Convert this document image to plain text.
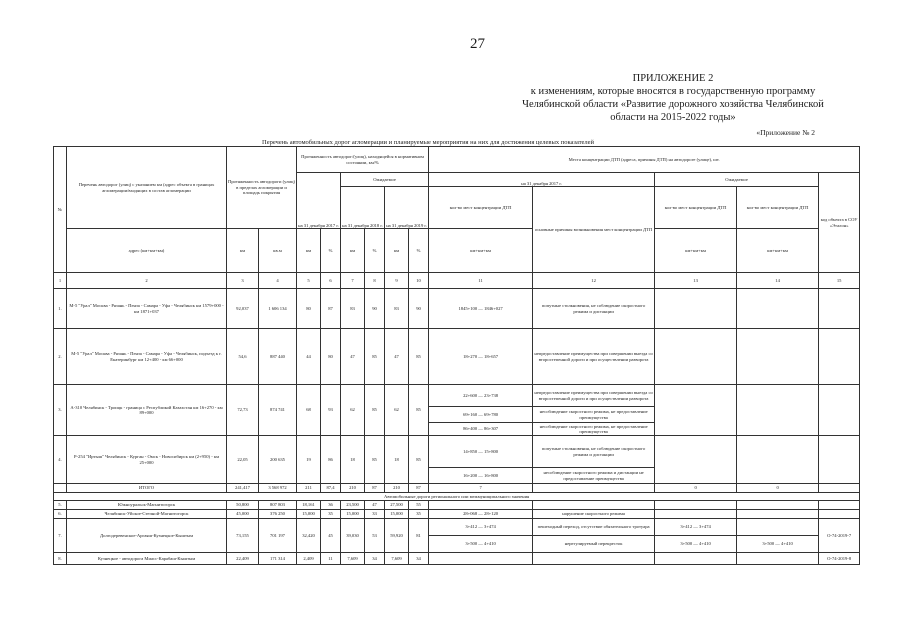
27
ПРИЛОЖЕНИЕ 2
к изменениям, которые вносятся в государственную программу
Челябинской области «Развитие дорожного хозяйства Челябинской
области на 2015-2022 годы»
«Приложение № 2
Перечень автомобильных дорог агломерации и планируемые мероприятия на них для достижения целевых показателей
№	Перечень автодорог (улиц) с указанием км (адрес объекта в границах агломерации/входящих в состав агломерации	Протяженность автодороги (улиц) в пределах агломерации и площадь покрытия		Протяженность автодорог/(улиц), находящейся в нормативном состоянии, км/%						Места концентрации ДТП (адреса, причины ДТП) на автодороге (улице), шт.				
				на 31 декабря 2017 г.		Ожидаемое				на 31 декабря 2017 г.		Ожидаемое		код объекта в СОУ «Эталон»
						на 31 декабря 2018 г.		на 31 декабря 2019 г.		кол-во мест концентрации ДТП	основные причины возникновения мест концентрации ДТП	кол-во мест концентрации ДТП	кол-во мест концентрации ДТП	
	адрес (км+км+км)	км	кв.м	км	%	км	%	км	%	км+км+км		км+км+км	км+км+км	
1	2	3	4	5	6	7	8	9	10	11	12	13	14	15
1.	М-5 "Урал" Москва - Рязань - Пенза - Самара - Уфа - Челябинск км 1579+000 - км 1871+037	92,037	1 606 134	80	87	83	90	83	90	1845+100 — 1846+027	попутные столкновения, не соблюдение скоростного режима и дистанции			
2.	М-5 "Урал" Москва - Рязань - Пенза - Самара - Уфа - Челябинск, подъезд к г. Екатеринбург км 12+400 - км 66+000	54,6	887 440	44	80	47	85	47	85	18+270 — 18+657	непредоставление преимущества при совершении выезда со второстепенной дороги и при осуществлении разворота			
3.	А-310 Челябинск - Троицк - граница с Республикой Казахстан км 16+270 - км 89+000	72,73	874 741	68	93	62	85	62	85	22+600 — 23+738	непредоставление преимущества при совершении выезда со второстепенной дороги и при осуществлении разворота			
										69+160 — 69+780	несоблюдение скоростного режима, не предоставление преимущества			
										86+400 — 86+307	несоблюдение скоростного режима, не предоставление преимущества			
4.	Р-254 "Иртыш" Челябинск - Курган - Омск - Новосибирск км (2+950) - км 25+000	22,05	200 635	19	86	18	85	18	85	14+850 — 15+800	попутные столкновения, не соблюдение скоростного режима и дистанции			
										16+200 — 16+800	несоблюдение скоростного режима и дистанции не предоставление преимущества			
	ИТОГО	241,417	3 568 972	211	87,4	210	87	210	87	7		0	0	
Автомобильные дороги регионального или межмуниципального значения														
5.	Южноуральск-Магнитогорск	50,800	807 803	18,161	36	23,500	47	27,500	55					
6.	Челябинск-Уйское-Степной-Магнитогорск	45,000	376 250	15,000	35	15,000	33	15,000	35	28+068 — 28+120	нарушение скоростного режима			
7.	Долгодеревенское-Аргаяш-Кузнецкое-Кыштым	73,155	701 197	32,420	45	39,030	53	59,920	81	3+412 — 3+474	пешеходный переход, отсутствие обязательного тротуара	3+412 — 3+474		О-74-2019-7
										3+500 — 4+410	нерегулируемый перекресток	3+500 — 4+410	3+500 — 4+410	
8.	Кузнецкое - автодорога Миасс-Карабаш-Кыштым	22,409	171 314	2,409	11	7,609	34	7,609	34					О-74-2019-8
